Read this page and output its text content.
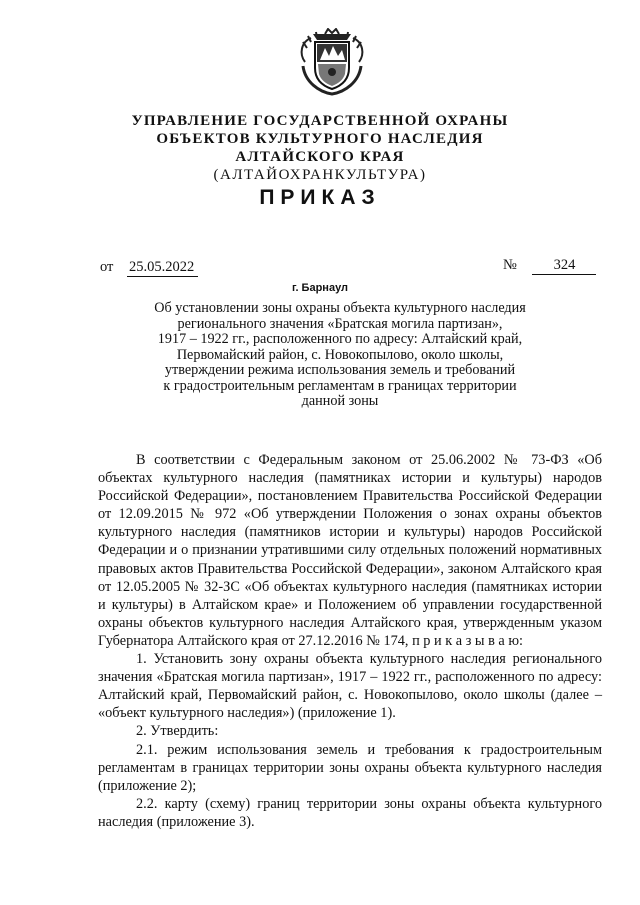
УПРАВЛЕНИЕ ГОСУДАРСТВЕННОЙ ОХРАНЫ
ОБЪЕКТОВ КУЛЬТУРНОГО НАСЛЕДИЯ
АЛТАЙСКОГО КРАЯ
(АЛТАЙОХРАНКУЛЬТУРА)
ПРИКАЗ
от 25.05.2022	№	324
г. Барнаул
Об установлении зоны охраны объекта культурного наследия
регионального значения «Братская могила партизан»,
1917 – 1922 гг., расположенного по адресу: Алтайский край,
Первомайский район, с. Новокопылово, около школы,
утверждении режима использования земель и требований
к градостроительным регламентам в границах территории
данной зоны

В соответствии с Федеральным законом от 25.06.2002 № 73-ФЗ «Об объектах культурного наследия (памятниках истории и культуры) народов Российской Федерации», постановлением Правительства Российской Федерации от 12.09.2015 № 972 «Об утверждении Положения о зонах охраны объектов культурного наследия (памятников истории и культуры) народов Российской Федерации и о признании утратившими силу отдельных положений нормативных правовых актов Правительства Российской Федерации», законом Алтайского края от 12.05.2005 № 32-ЗС «Об объектах культурного наследия (памятниках истории и культуры) в Алтайском крае» и Положением об управлении государственной охраны объектов культурного наследия Алтайского края, утвержденным указом Губернатора Алтайского края от 27.12.2016 № 174, п р и к а з ы в а ю:

1. Установить зону охраны объекта культурного наследия регионального значения «Братская могила партизан», 1917 – 1922 гг., расположенного по адресу: Алтайский край, Первомайский район, с. Новокопылово, около школы (далее – «объект культурного наследия») (приложение 1).

2. Утвердить:

2.1. режим использования земель и требования к градостроительным регламентам в границах территории зоны охраны объекта культурного наследия (приложение 2);

2.2. карту (схему) границ территории зоны охраны объекта культурного наследия (приложение 3).
